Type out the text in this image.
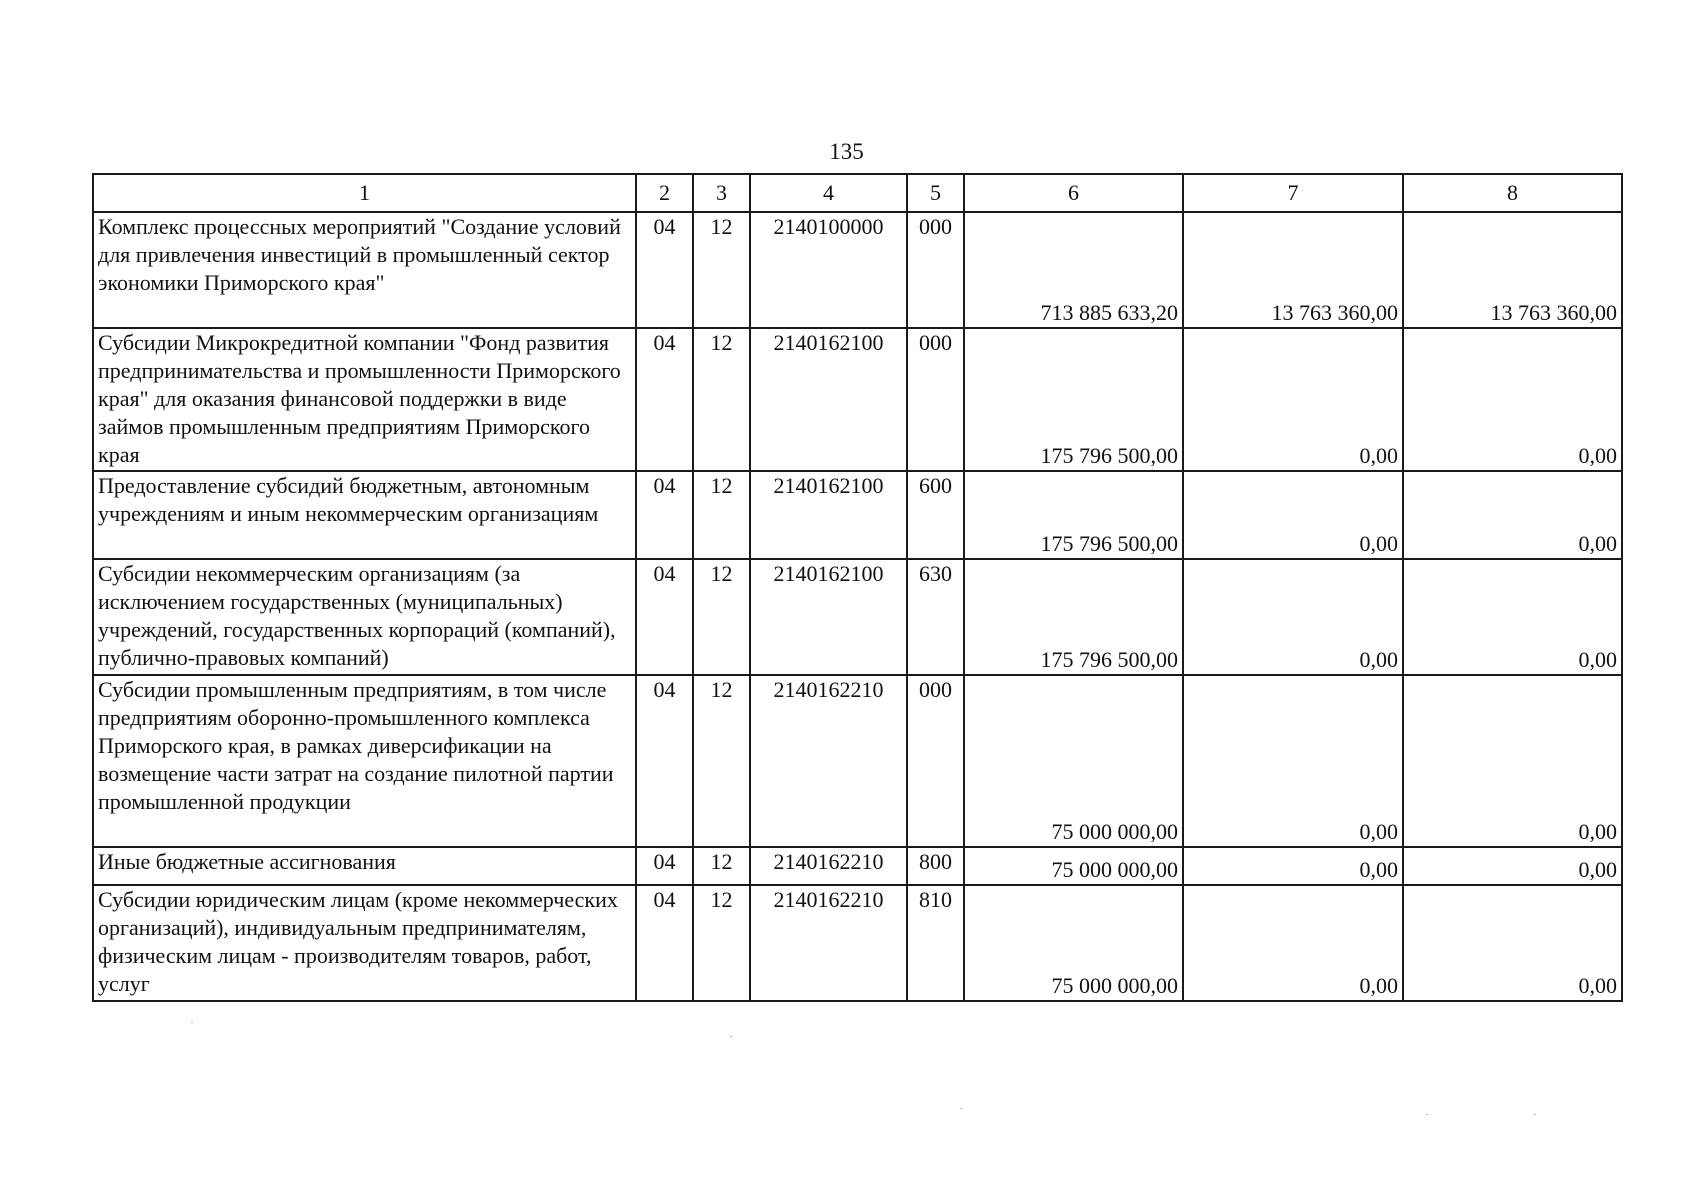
135
1	2	3	4	5	6	7	8
Комплекс процессных мероприятий "Создание условий для привлечения инвестиций в промышленный сектор экономики Приморского края"	04	12	2140100000	000	713 885 633,20	13 763 360,00	13 763 360,00
Субсидии Микрокредитной компании "Фонд развития предпринимательства и промышленности Приморского края" для оказания финансовой поддержки в виде займов промышленным предприятиям Приморского края	04	12	2140162100	000	175 796 500,00	0,00	0,00
Предоставление субсидий бюджетным, автономным учреждениям и иным некоммерческим организациям	04	12	2140162100	600	175 796 500,00	0,00	0,00
Субсидии некоммерческим организациям (за исключением государственных (муниципальных) учреждений, государственных корпораций (компаний), публично-правовых компаний)	04	12	2140162100	630	175 796 500,00	0,00	0,00
Субсидии промышленным предприятиям, в том числе предприятиям оборонно-промышленного комплекса Приморского края, в рамках диверсификации на возмещение части затрат на создание пилотной партии промышленной продукции	04	12	2140162210	000	75 000 000,00	0,00	0,00
Иные бюджетные ассигнования	04	12	2140162210	800	75 000 000,00	0,00	0,00
Субсидии юридическим лицам (кроме некоммерческих организаций), индивидуальным предпринимателям, физическим лицам - производителям товаров, работ, услуг	04	12	2140162210	810	75 000 000,00	0,00	0,00
